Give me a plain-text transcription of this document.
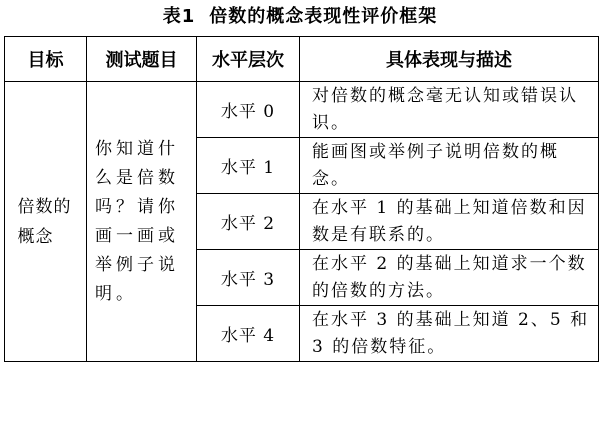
表1 倍数的概念表现性评价框架
目标	测试题目	水平层次	具体表现与描述
倍数的概念	你知道什么是倍数吗？请你画一画或举例子说明。	水平 0	对倍数的概念毫无认知或错误认识。
		水平 1	能画图或举例子说明倍数的概念。
		水平 2	在水平 1 的基础上知道倍数和因数是有联系的。
		水平 3	在水平 2 的基础上知道求一个数的倍数的方法。
		水平 4	在水平 3 的基础上知道 2、5 和 3 的倍数特征。
